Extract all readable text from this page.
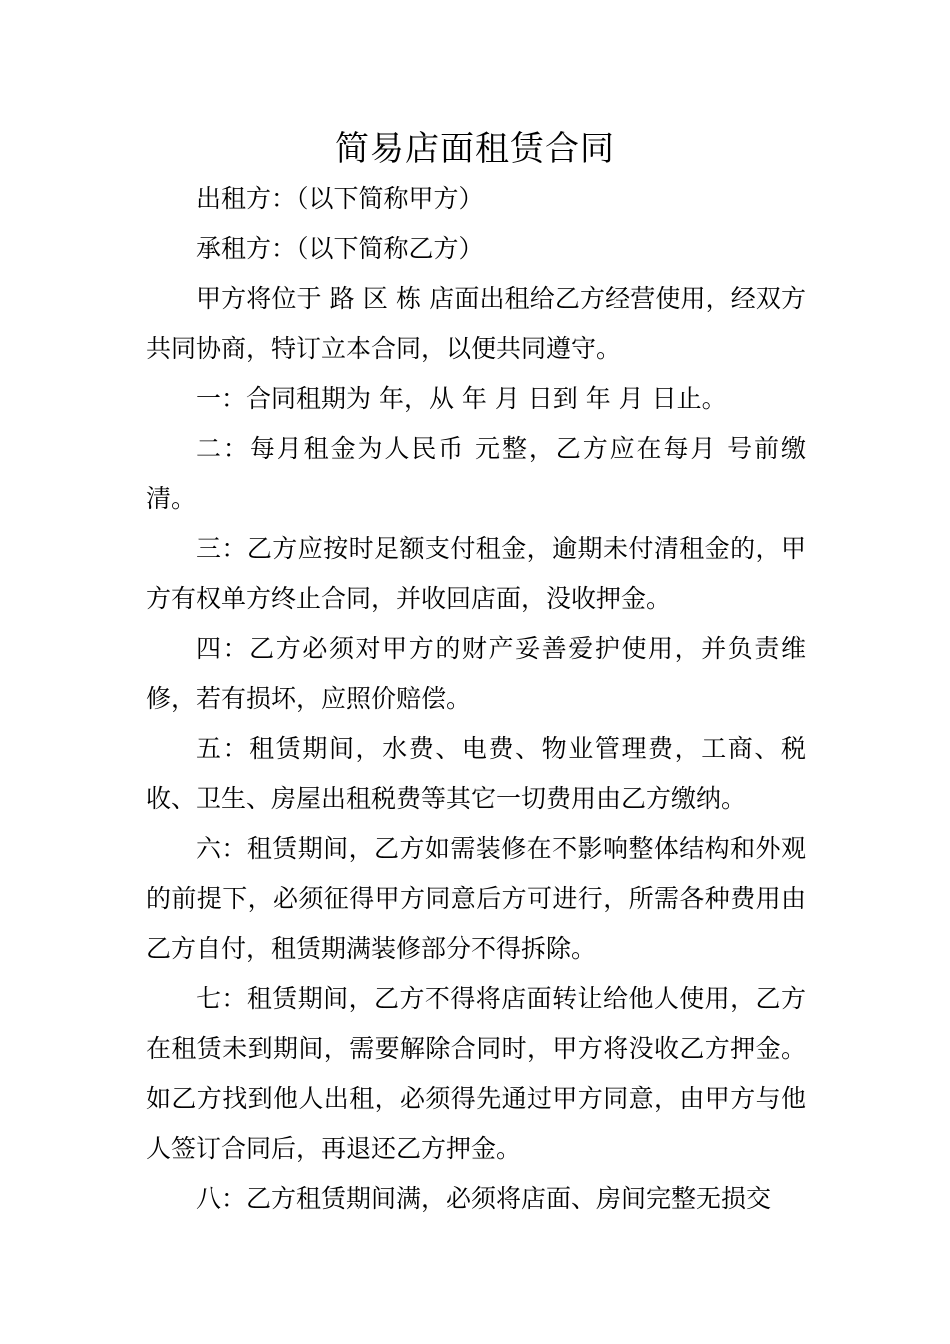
简易店面租赁合同

出租方：（以下简称甲方）

承租方：（以下简称乙方）

甲方将位于 路 区 栋 店面出租给乙方经营使用，经双方共同协商，特订立本合同，以便共同遵守。

一：合同租期为 年，从 年 月 日到 年 月 日止。

二：每月租金为人民币 元整，乙方应在每月 号前缴清。

三：乙方应按时足额支付租金，逾期未付清租金的，甲方有权单方终止合同，并收回店面，没收押金。

四：乙方必须对甲方的财产妥善爱护使用，并负责维修，若有损坏，应照价赔偿。

五：租赁期间，水费、电费、物业管理费，工商、税收、卫生、房屋出租税费等其它一切费用由乙方缴纳。

六：租赁期间，乙方如需装修在不影响整体结构和外观的前提下，必须征得甲方同意后方可进行，所需各种费用由乙方自付，租赁期满装修部分不得拆除。

七：租赁期间，乙方不得将店面转让给他人使用，乙方在租赁未到期间，需要解除合同时，甲方将没收乙方押金。如乙方找到他人出租，必须得先通过甲方同意，由甲方与他人签订合同后，再退还乙方押金。

八：乙方租赁期间满，必须将店面、房间完整无损交
